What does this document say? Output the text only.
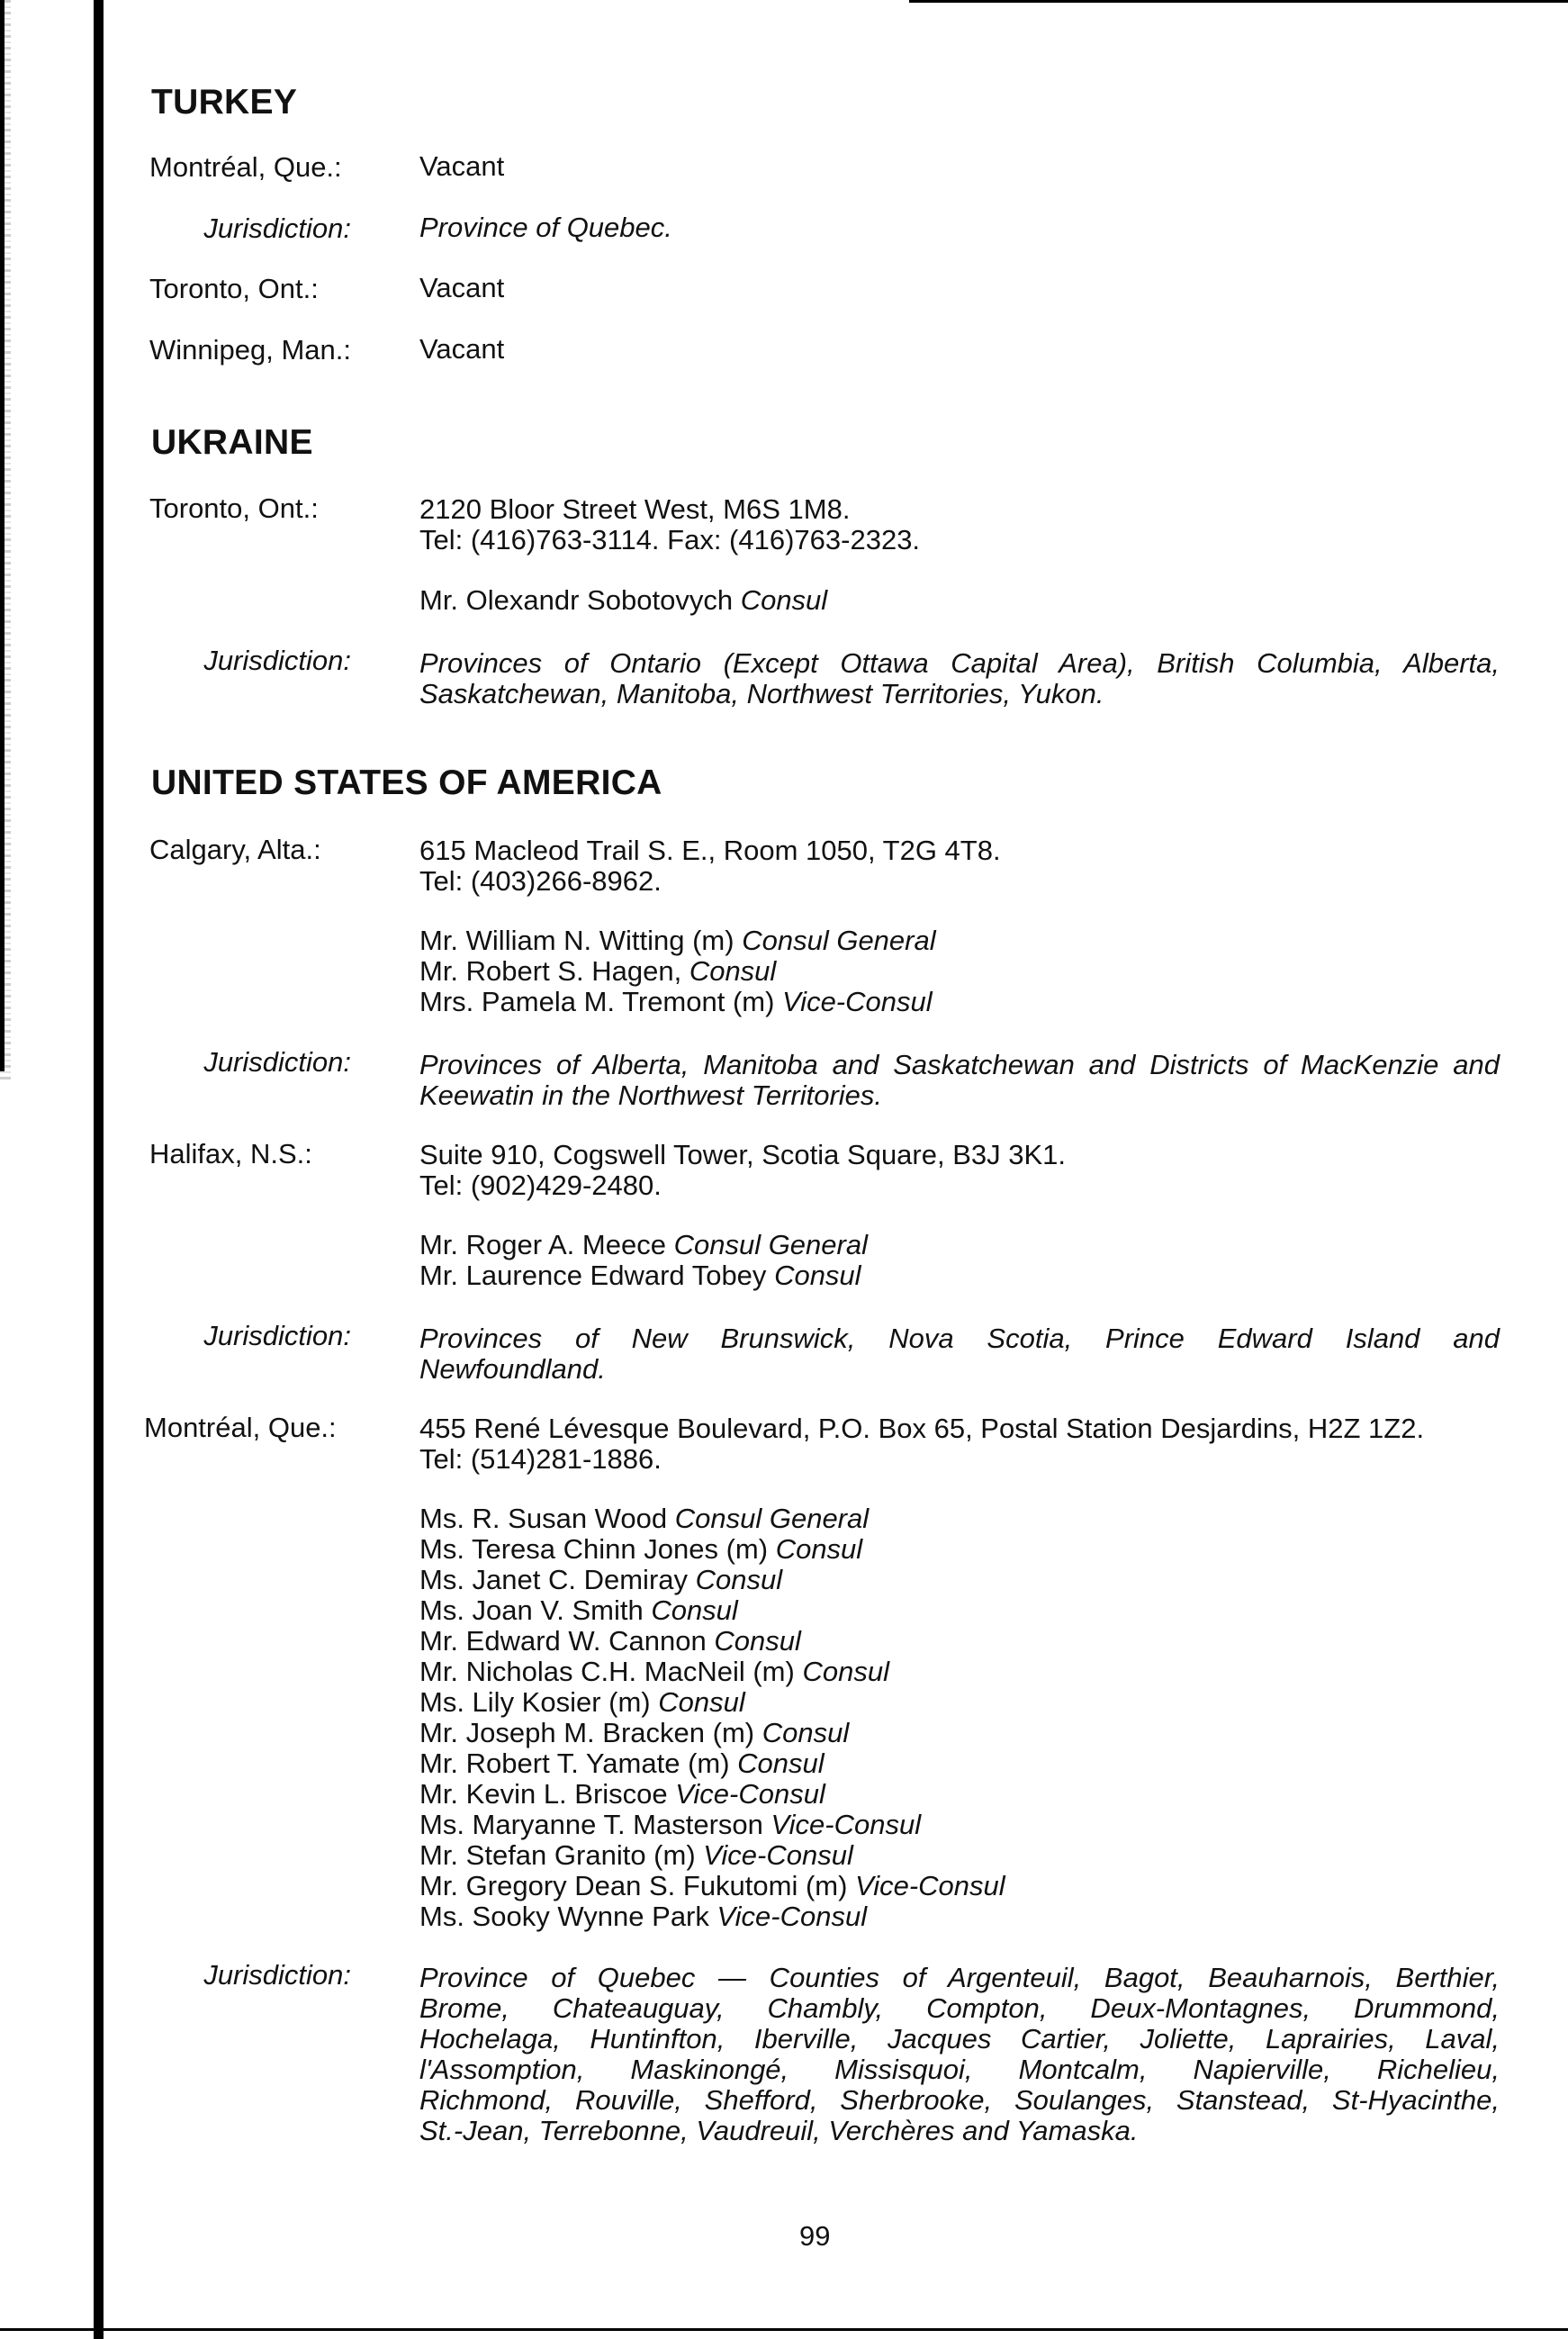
TURKEY

Montréal, Que.:	Vacant

Jurisdiction: Province of Quebec.

Toronto, Ont.:	Vacant

Winnipeg, Man.: Vacant

UKRAINE

Toronto, Ont.:	2120 Bloor Street West, M6S 1M8.
Tel: (416)763-3114. Fax: (416)763-2323.
Mr. Olexandr Sobotovych Consul

Jurisdiction: Provinces of Ontario (Except Ottawa Capital Area), British Columbia, Alberta,
Saskatchewan, Manitoba, Northwest Territories, Yukon.
UNITED STATES OF AMERICA

Calgary, Alta.:	615 Macleod Trail S. E., Room 1050, T2G 4T8.
Tel: (403)266-8962.
Mr. William N. Witting (m) Consul General
Mr. Robert S. Hagen, Consul
Mrs. Pamela M. Tremont (m) Vice-Consul

Jurisdiction: Provinces of Alberta, Manitoba and Saskatchewan and Districts of MacKenzie and
Keewatin in the Northwest Territories.

Halifax, N.S.:	Suite 910, Cogswell Tower, Scotia Square, B3J 3K1.
Tel: (902)429-2480.
Mr. Roger A. Meece Consul General
Mr. Laurence Edward Tobey Consul

Jurisdiction: Provinces of New Brunswick, Nova Scotia, Prince Edward Island and
Newfoundland.

Montréal, Que.:	455 René Lévesque Boulevard, P.O. Box 65, Postal Station Desjardins, H2Z 1Z2.
Tel: (514)281-1886.
Ms. R. Susan Wood Consul General
Ms. Teresa Chinn Jones (m) Consul
Ms. Janet C. Demiray Consul
Ms. Joan V. Smith Consul
Mr. Edward W. Cannon Consul
Mr. Nicholas C.H. MacNeil (m) Consul
Ms. Lily Kosier (m) Consul
Mr. Joseph M. Bracken (m) Consul
Mr. Robert T. Yamate (m) Consul
Mr. Kevin L. Briscoe Vice-Consul
Ms. Maryanne T. Masterson Vice-Consul
Mr. Stefan Granito (m) Vice-Consul
Mr. Gregory Dean S. Fukutomi (m) Vice-Consul
Ms. Sooky Wynne Park Vice-Consul

Jurisdiction: Province of Quebec — Counties of Argenteuil, Bagot, Beauharnois, Berthier,
Brome, Chateauguay, Chambly, Compton, Deux-Montagnes, Drummond,
Hochelaga, Huntinfton, Iberville, Jacques Cartier, Joliette, Laprairies, Laval,
l'Assomption, Maskinongé, Missisquoi, Montcalm, Napierville, Richelieu,
Richmond, Rouville, Shefford, Sherbrooke, Soulanges, Stanstead, St-Hyacinthe,
St.-Jean, Terrebonne, Vaudreuil, Verchères and Yamaska.
99
